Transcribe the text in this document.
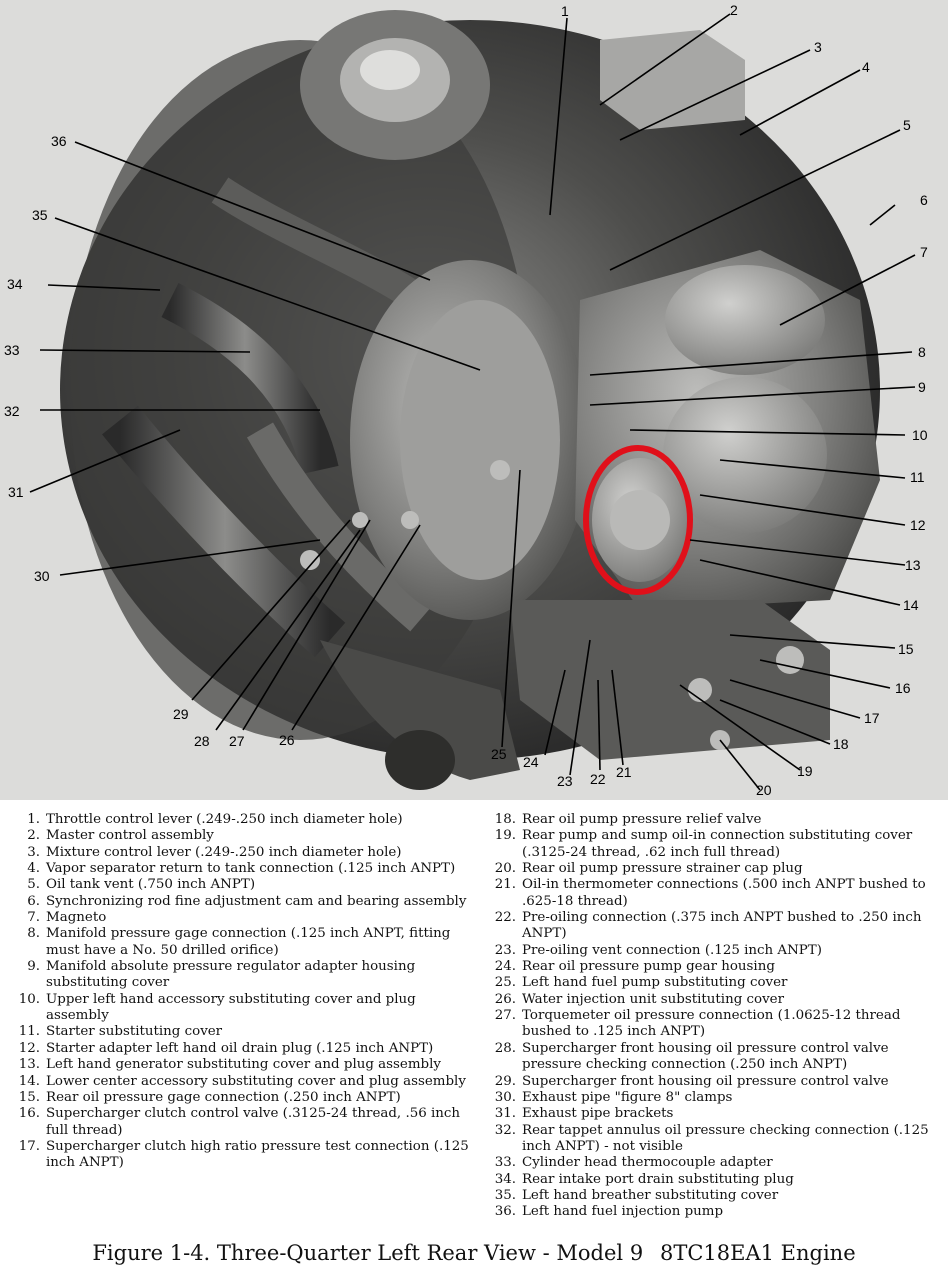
1	2
3
4
5
6
7
8
9
10
11
12
13
14
15
16
17
18
19
20
21
22
23
24
25
26
27
28
29
30
31
32
33
34
35
36
1. Throttle control lever (.249-.250 inch diameter hole)
2. Master control assembly
3. Mixture control lever (.249-.250 inch diameter hole)
4. Vapor separator return to tank connection (.125 inch ANPT)
5. Oil tank vent (.750 inch ANPT)
6. Synchronizing rod fine adjustment cam and bearing assembly
7. Magneto
8. Manifold pressure gage connection (.125 inch ANPT, fitting must have a No. 50 drilled orifice)
9. Manifold absolute pressure regulator adapter housing substituting cover
10. Upper left hand accessory substituting cover and plug assembly
11. Starter substituting cover
12. Starter adapter left hand oil drain plug (.125 inch ANPT)
13. Left hand generator substituting cover and plug assembly
14. Lower center accessory substituting cover and plug assembly
15. Rear oil pressure gage connection (.250 inch ANPT)
16. Supercharger clutch control valve (.3125-24 thread, .56 inch full thread)
17. Supercharger clutch high ratio pressure test connection (.125 inch ANPT)
18. Rear oil pump pressure relief valve
19. Rear pump and sump oil-in connection substituting cover (.3125-24 thread, .62 inch full thread)
20. Rear oil pump pressure strainer cap plug
21. Oil-in thermometer connections (.500 inch ANPT bushed to .625-18 thread)
22. Pre-oiling connection (.375 inch ANPT bushed to .250 inch ANPT)
23. Pre-oiling vent connection (.125 inch ANPT)
24. Rear oil pressure pump gear housing
25. Left hand fuel pump substituting cover
26. Water injection unit substituting cover
27. Torquemeter oil pressure connection (1.0625-12 thread bushed to .125 inch ANPT)
28. Supercharger front housing oil pressure control valve pressure checking connection (.250 inch ANPT)
29. Supercharger front housing oil pressure control valve
30. Exhaust pipe "figure 8" clamps
31. Exhaust pipe brackets
32. Rear tappet annulus oil pressure checking connection (.125 inch ANPT) - not visible
33. Cylinder head thermocouple adapter
34. Rear intake port drain substituting plug
35. Left hand breather substituting cover
36. Left hand fuel injection pump
Figure 1-4. Three-Quarter Left Rear View - Model 98TC18EA1 Engine
